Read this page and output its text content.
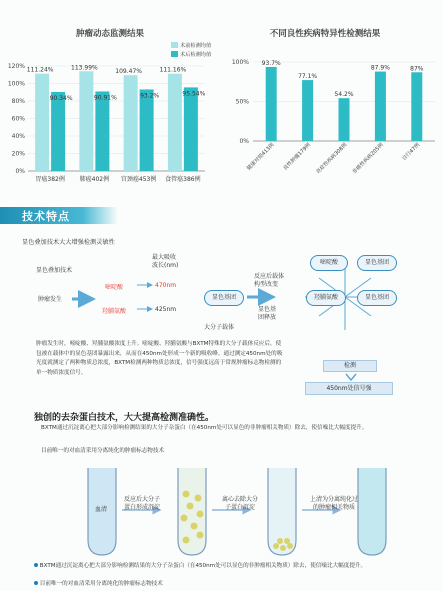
肿瘤动态监测结果
0%
20%
40%
60%
80%
100%
120%
111.24%
90.34%
胃癌382例
113.99%
90.91%
肺癌402例
109.47%
93.2%
宫颈癌453例
111.16%
95.54%
食管癌386例
术前检测均值
术后检测均值
不同良性疾病特异性检测结果
0%
50%
100% 93.7%
健康对照413例
77.1%
良性肿瘤179例
54.2%
炎症性疾病308例
87.9%
非癌性疾病205例
87%
自行47例
技术特点
显色叠加技术大大增强检测灵敏性
显色叠加技术
肿瘤发生
嘧啶酸
羟脯氨酸
最大吸收
波长(nm)
470nm
425nm
显色基团
大分子载体
反应后载体
构型改变
嘧啶酸	显色基团
羟脯氨酸	显色基团
显色基
团释放
肿瘤发生时，嘧啶酸、羟脯氨酸浓度上升。嘧啶酸、羟脯氨酸与BXTM特殊的大分子载体反应后，使包被在载体中的显色基团暴露出来，从而在450nm处形成一个新的吸收峰。通过测定450nm处的吸光度就测定了两种物质总浓度，BXTM检测两种物质总浓度，信号强度远高于常规肿瘤标志物检测的单一物质浓度信号。
检测
450nm处信号强
独创的去杂蛋白技术，大大提高检测准确性。
BXTM通过沉淀离心把大部分影响检测结果的大分子杂蛋白（在450nm处可以显色的非肿瘤相关物质）除去，使信噪比大幅度提升。
目前唯一的对血清采用分离纯化的肿瘤标志物技术
血清
反应后大分子
蛋白形成沉淀
离心去除大分
子蛋白沉淀
上清为分离纯化过
的肿瘤相关物质
BXTM通过沉淀离心把大部分影响检测结果的大分子杂蛋白（在450nm处可以显色的非肿瘤相关物质）除去，使信噪比大幅度提升。
目前唯一的对血清采用分离纯化的肿瘤标志物技术
